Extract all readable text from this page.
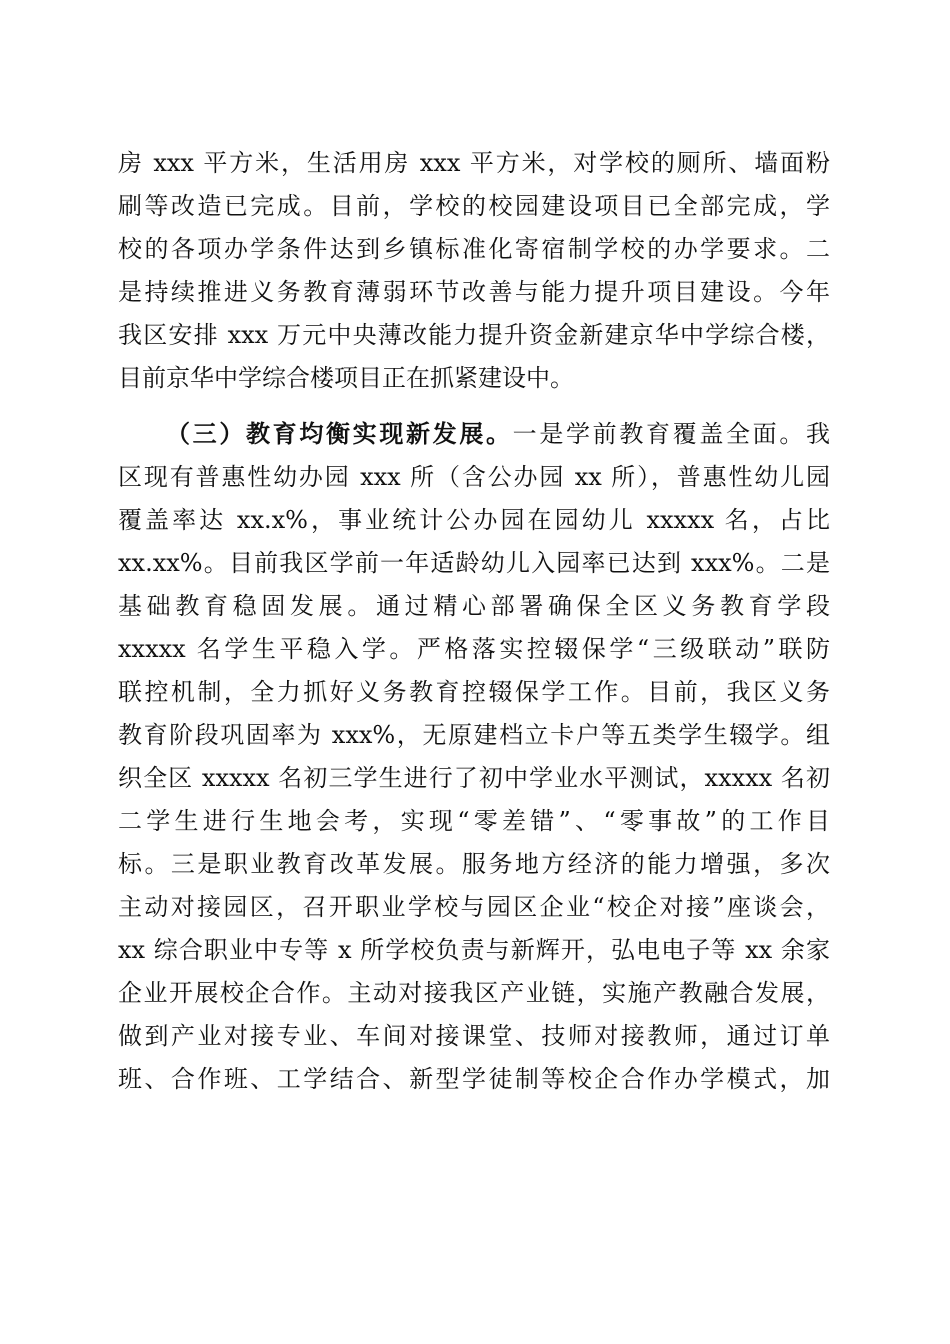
房 xxx 平方米，生活用房 xxx 平方米，对学校的厕所、墙面粉
刷等改造已完成。目前，学校的校园建设项目已全部完成，学
校的各项办学条件达到乡镇标准化寄宿制学校的办学要求。二
是持续推进义务教育薄弱环节改善与能力提升项目建设。今年
我区安排 xxx 万元中央薄改能力提升资金新建京华中学综合楼，
目前京华中学综合楼项目正在抓紧建设中。
（三）教育均衡实现新发展。一是学前教育覆盖全面。我
区现有普惠性幼办园 xxx 所（含公办园 xx 所），普惠性幼儿园
覆盖率达 xx.x%，事业统计公办园在园幼儿 xxxxx 名，占比
xx.xx%。目前我区学前一年适龄幼儿入园率已达到 xxx%。二是
基础教育稳固发展。通过精心部署确保全区义务教育学段
xxxxx 名学生平稳入学。严格落实控辍保学“三级联动”联防
联控机制，全力抓好义务教育控辍保学工作。目前，我区义务
教育阶段巩固率为 xxx%，无原建档立卡户等五类学生辍学。组
织全区 xxxxx 名初三学生进行了初中学业水平测试，xxxxx 名初
二学生进行生地会考，实现“零差错”、“零事故”的工作目
标。三是职业教育改革发展。服务地方经济的能力增强，多次
主动对接园区，召开职业学校与园区企业“校企对接”座谈会，
xx 综合职业中专等 x 所学校负责与新辉开，弘电电子等 xx 余家
企业开展校企合作。主动对接我区产业链，实施产教融合发展，
做到产业对接专业、车间对接课堂、技师对接教师，通过订单
班、合作班、工学结合、新型学徒制等校企合作办学模式，加
